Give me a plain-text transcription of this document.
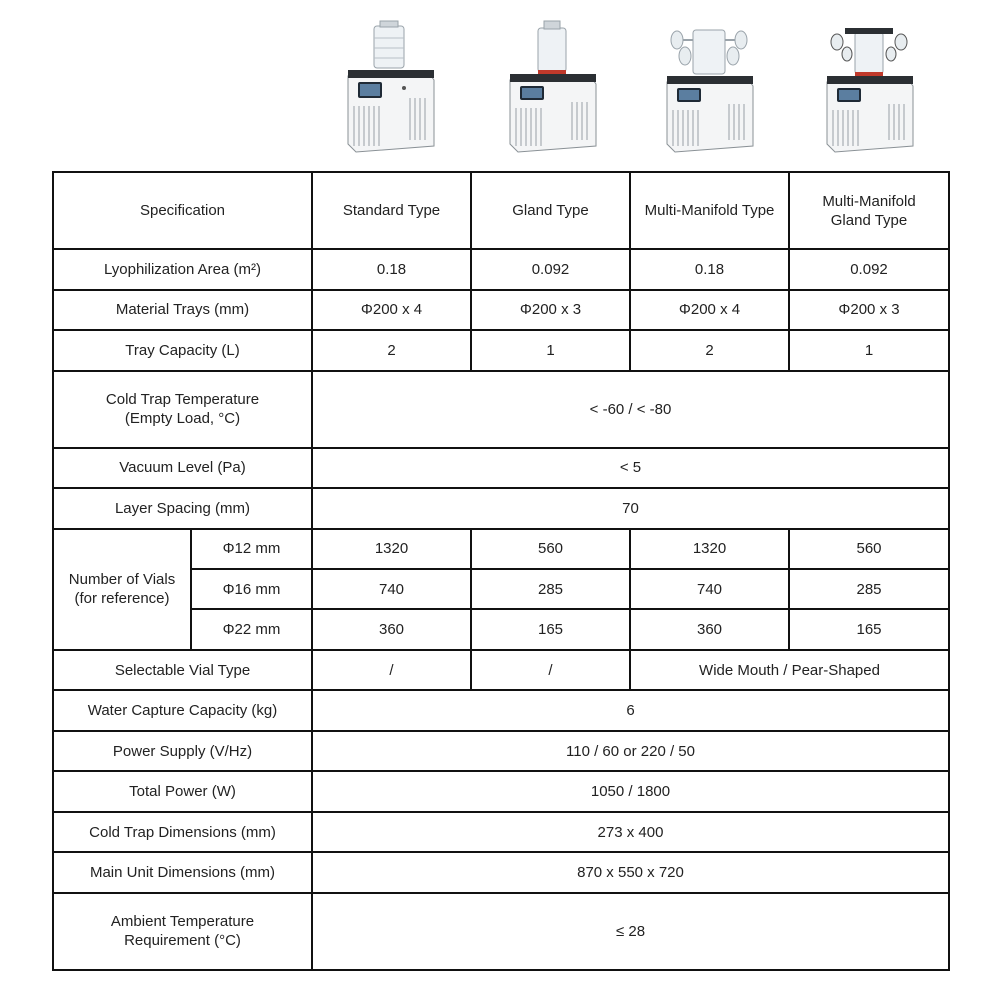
Specification		Standard Type	Gland Type	Multi-Manifold Type	Multi-Manifold
Gland Type
Lyophilization Area (m²)		0.18	0.092	0.18	0.092
Material Trays (mm)		Φ200 x 4	Φ200 x 3	Φ200 x 4	Φ200 x 3
Tray Capacity (L)		2	1	2	1
Cold Trap Temperature
(Empty Load, °C)		< -60 / < -80			
Vacuum Level (Pa)		< 5			
Layer Spacing (mm)		70			
Number of Vials
(for reference)	Φ12 mm	1320	560	1320	560
	Φ16 mm	740	285	740	285
	Φ22 mm	360	165	360	165
Selectable Vial Type		/	/	Wide Mouth / Pear-Shaped	
Water Capture Capacity (kg)		6			
Power Supply (V/Hz)		110 / 60 or 220 / 50			
Total Power (W)		1050 / 1800			
Cold Trap Dimensions (mm)		273 x 400			
Main Unit Dimensions (mm)		870 x 550 x 720			
Ambient Temperature
Requirement (°C)		≤ 28			
